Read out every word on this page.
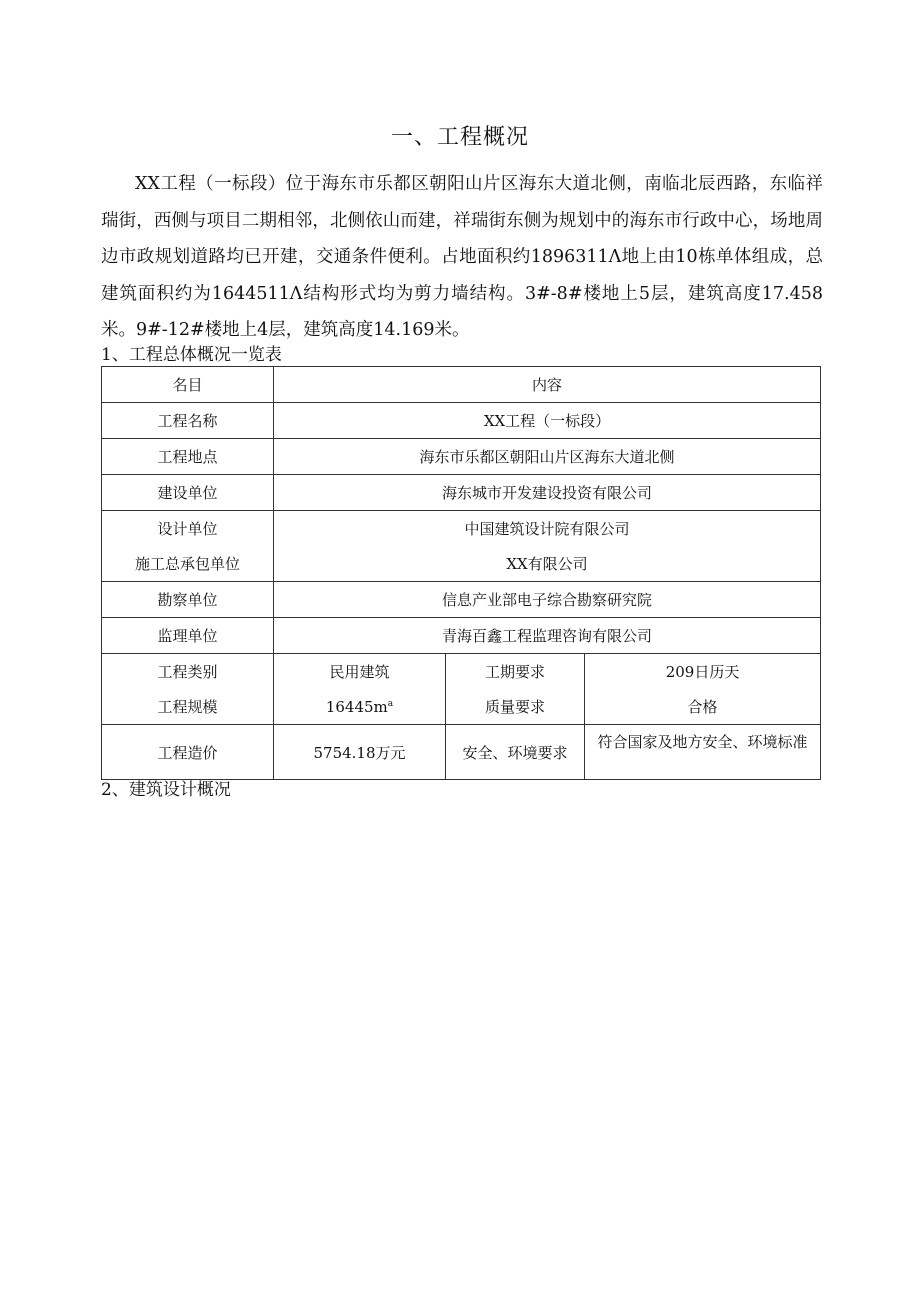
一、工程概况
XX工程（一标段）位于海东市乐都区朝阳山片区海东大道北侧，南临北辰西路，东临祥瑞街，西侧与项目二期相邻，北侧依山而建，祥瑞街东侧为规划中的海东市行政中心，场地周边市政规划道路均已开建，交通条件便利。占地面积约1896311Λ地上由10栋单体组成，总建筑面积约为1644511Λ结构形式均为剪力墙结构。3#-8#楼地上5层，建筑高度17.458米。9#-12#楼地上4层，建筑高度14.169米。
1、工程总体概况一览表
名目	内容		
工程名称	XX工程（一标段）		
工程地点	海东市乐都区朝阳山片区海东大道北侧		
建设单位	海东城市开发建设投资有限公司		
设计单位	中国建筑设计院有限公司		
施工总承包单位	XX有限公司		
勘察单位	信息产业部电子综合勘察研究院		
监理单位	青海百鑫工程监理咨询有限公司		
工程类别	民用建筑	工期要求	209日历天
工程规模	$16445m^a$	质量要求	合格
工程造价	5754.18万元	安全、环境要求	符合国家及地方安全、环境标准
2、建筑设计概况
